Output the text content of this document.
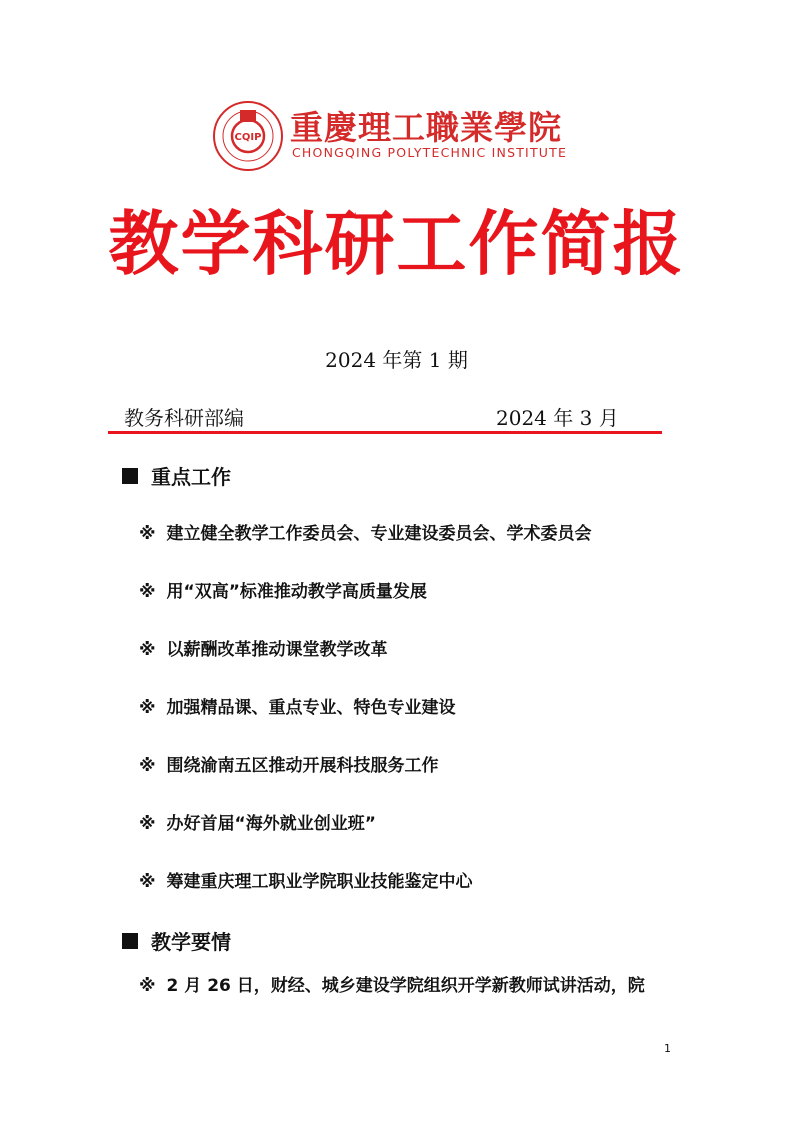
CQIP 重慶理工職業學院
CHONGQING POLYTECHNIC INSTITUTE
教学科研工作简报
2024 年第 1 期
教务科研部编	2024 年 3 月
重点工作
※ 建立健全教学工作委员会、专业建设委员会、学术委员会
※ 用“双高”标准推动教学高质量发展
※ 以薪酬改革推动课堂教学改革
※ 加强精品课、重点专业、特色专业建设
※ 围绕渝南五区推动开展科技服务工作
※ 办好首届“海外就业创业班”
※ 筹建重庆理工职业学院职业技能鉴定中心
教学要情
※ 2 月 26 日，财经、城乡建设学院组织开学新教师试讲活动，院
1
